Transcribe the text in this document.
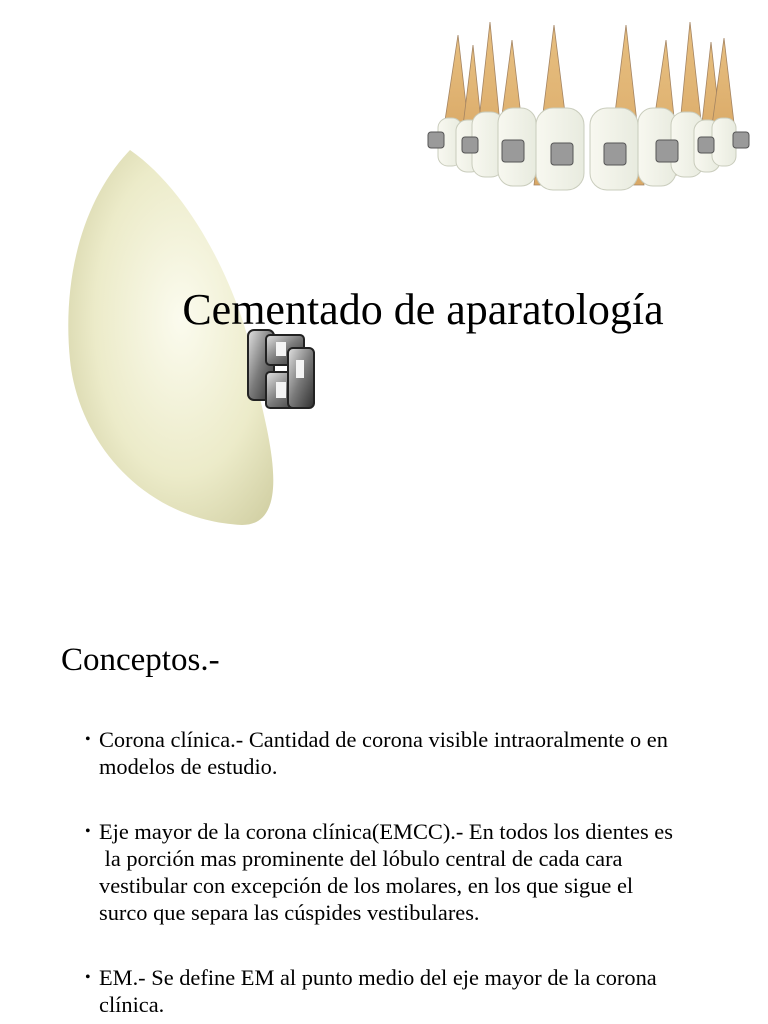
Cementado de aparatología
Conceptos.-
• Corona clínica.- Cantidad de corona visible intraoralmente o en
modelos de estudio.
• Eje mayor de la corona clínica(EMCC).- En todos los dientes es
la porción mas prominente del lóbulo central de cada cara
vestibular con excepción de los molares, en los que sigue el
surco que separa las cúspides vestibulares.
• EM.- Se define EM al punto medio del eje mayor de la corona
clínica.
